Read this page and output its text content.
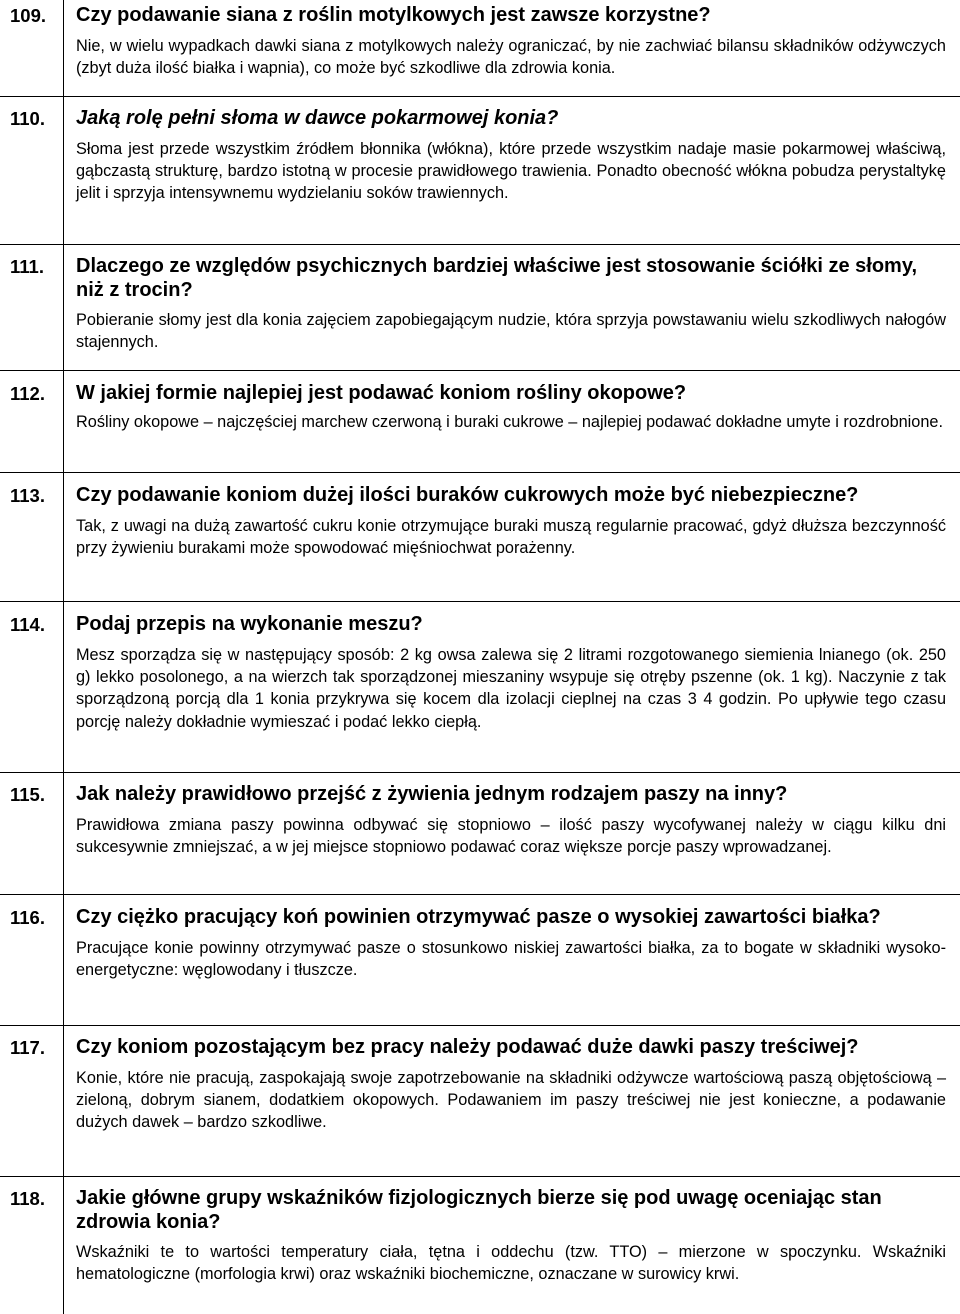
109. Czy podawanie siana z roślin motylkowych jest zawsze korzystne?

Nie, w wielu wypadkach dawki siana z motylkowych należy ograniczać, by nie zachwiać bilansu składników odżywczych (zbyt duża ilość białka i wapnia), co może być szkodliwe dla zdrowia konia.

110. Jaką rolę pełni słoma w dawce pokarmowej konia?

Słoma jest przede wszystkim źródłem błonnika (włókna), które przede wszystkim nadaje masie pokarmowej właściwą, gąbczastą strukturę, bardzo istotną w procesie prawidłowego trawienia. Ponadto obecność włókna pobudza perystaltykę jelit i sprzyja intensywnemu wydzielaniu soków trawiennych.

111. Dlaczego ze względów psychicznych bardziej właściwe jest stosowanie ściółki ze słomy, niż z trocin?

Pobieranie słomy jest dla konia zajęciem zapobiegającym nudzie, która sprzyja powstawaniu wielu szkodliwych nałogów stajennych.

112. W jakiej formie najlepiej jest podawać koniom rośliny okopowe?

Rośliny okopowe – najczęściej marchew czerwoną i buraki cukrowe – najlepiej podawać dokładne umyte i rozdrobnione.

113. Czy podawanie koniom dużej ilości buraków cukrowych może być niebezpieczne?

Tak, z uwagi na dużą zawartość cukru konie otrzymujące buraki muszą regularnie pracować, gdyż dłuższa bezczynność przy żywieniu burakami może spowodować mięśniochwat porażenny.

114. Podaj przepis na wykonanie meszu?

Mesz sporządza się w następujący sposób: 2 kg owsa zalewa się 2 litrami rozgotowanego siemienia lnianego (ok. 250 g) lekko posolonego, a na wierzch tak sporządzonej mieszaniny wsypuje się otręby pszenne (ok. 1 kg). Naczynie z tak sporządzoną porcją dla 1 konia przykrywa się kocem dla izolacji cieplnej na czas 3 4 godzin. Po upływie tego czasu porcję należy dokładnie wymieszać i podać lekko ciepłą.

115. Jak należy prawidłowo przejść z żywienia jednym rodzajem paszy na inny?

Prawidłowa zmiana paszy powinna odbywać się stopniowo – ilość paszy wycofywanej należy w ciągu kilku dni sukcesywnie zmniejszać, a w jej miejsce stopniowo podawać coraz większe porcje paszy wprowadzanej.

116. Czy ciężko pracujący koń powinien otrzymywać pasze o wysokiej zawartości białka?

Pracujące konie powinny otrzymywać pasze o stosunkowo niskiej zawartości białka, za to bogate w składniki wysoko-energetyczne: węglowodany i tłuszcze.

117. Czy koniom pozostającym bez pracy należy podawać duże dawki paszy treściwej?

Konie, które nie pracują, zaspokajają swoje zapotrzebowanie na składniki odżywcze wartościową paszą objętościową – zieloną, dobrym sianem, dodatkiem okopowych. Podawaniem im paszy treściwej nie jest konieczne, a podawanie dużych dawek – bardzo szkodliwe.

118. Jakie główne grupy wskaźników fizjologicznych bierze się pod uwagę oceniając stan zdrowia konia?

Wskaźniki te to wartości temperatury ciała, tętna i oddechu (tzw. TTO) – mierzone w spoczynku. Wskaźniki hematologiczne (morfologia krwi) oraz wskaźniki biochemiczne, oznaczane w surowicy krwi.
